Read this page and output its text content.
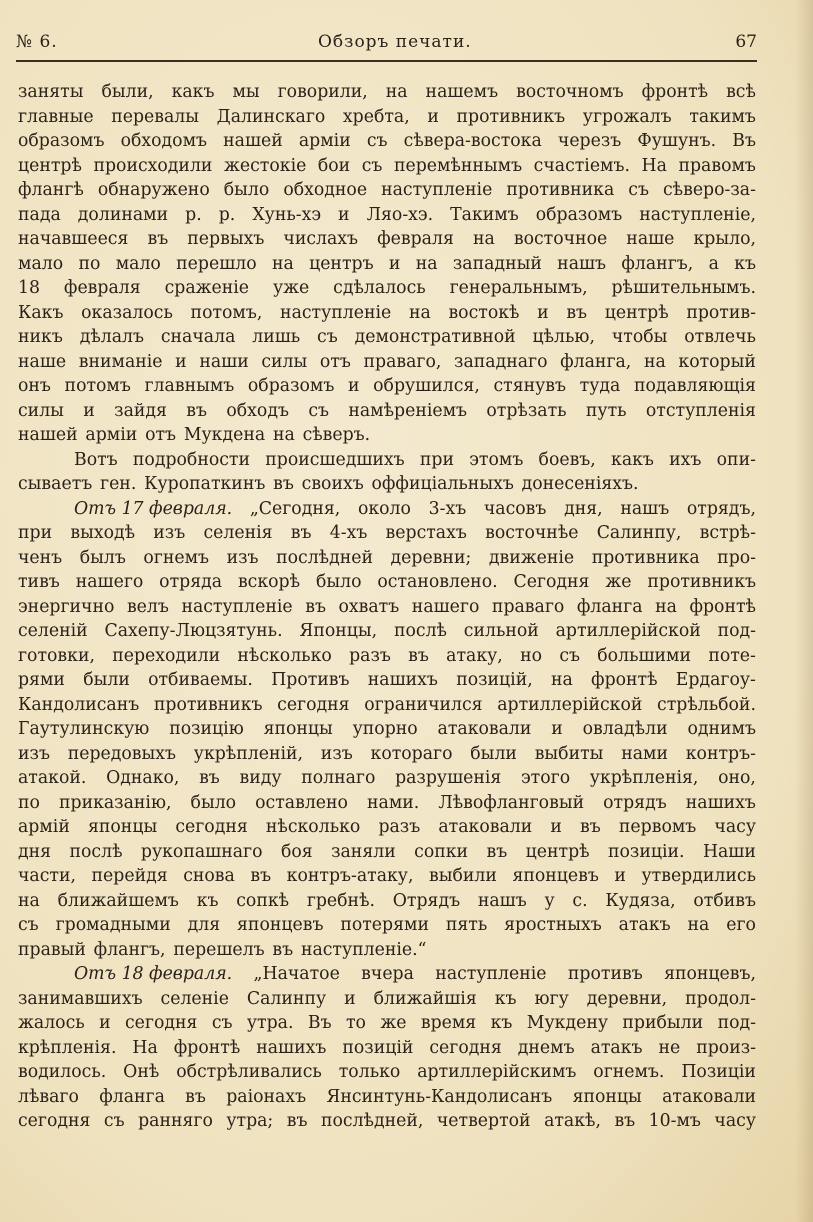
№ 6.	Обзоръ печати.	67
заняты были, какъ мы говорили, на нашемъ восточномъ фронтѣ всѣ
главные перевалы Далинскаго хребта, и противникъ угрожалъ такимъ
образомъ обходомъ нашей арміи съ сѣвера-востока черезъ Фушунъ. Въ
центрѣ происходили жестокіе бои съ перемѣннымъ счастіемъ. На правомъ
флангѣ обнаружено было обходное наступленіе противника съ сѣверо-за-
пада долинами р. р. Хунь-хэ и Ляо-хэ. Такимъ образомъ наступленіе,
начавшееся въ первыхъ числахъ февраля на восточное наше крыло,
мало по мало перешло на центръ и на западный нашъ флангъ, а къ
18 февраля сраженіе уже сдѣлалось генеральнымъ, рѣшительнымъ.
Какъ оказалось потомъ, наступленіе на востокѣ и въ центрѣ против-
никъ дѣлалъ сначала лишь съ демонстративной цѣлью, чтобы отвлечь
наше вниманіе и наши силы отъ праваго, западнаго фланга, на который
онъ потомъ главнымъ образомъ и обрушился, стянувъ туда подавляющія
силы и зайдя въ обходъ съ намѣреніемъ отрѣзать путь отступленія
нашей арміи отъ Мукдена на сѣверъ.
Вотъ подробности происшедшихъ при этомъ боевъ, какъ ихъ опи-
сываетъ ген. Куропаткинъ въ своихъ оффиціальныхъ донесеніяхъ.
Отъ 17 февраля. „Сегодня, около 3-хъ часовъ дня, нашъ отрядъ,
при выходѣ изъ селенія въ 4-хъ верстахъ восточнѣе Салинпу, встрѣ-
ченъ былъ огнемъ изъ послѣдней деревни; движеніе противника про-
тивъ нашего отряда вскорѣ было остановлено. Сегодня же противникъ
энергично велъ наступленіе въ охватъ нашего праваго фланга на фронтѣ
селеній Сахепу-Люцзятунь. Японцы, послѣ сильной артиллерійской под-
готовки, переходили нѣсколько разъ въ атаку, но съ большими поте-
рями были отбиваемы. Противъ нашихъ позицій, на фронтѣ Ердагоу-
Кандолисанъ противникъ сегодня ограничился артиллерійской стрѣльбой.
Гаутулинскую позицію японцы упорно атаковали и овладѣли однимъ
изъ передовыхъ укрѣпленій, изъ котораго были выбиты нами контръ-
атакой. Однако, въ виду полнаго разрушенія этого укрѣпленія, оно,
по приказанію, было оставлено нами. Лѣвофланговый отрядъ нашихъ
армій японцы сегодня нѣсколько разъ атаковали и въ первомъ часу
дня послѣ рукопашнаго боя заняли сопки въ центрѣ позиціи. Наши
части, перейдя снова въ контръ-атаку, выбили японцевъ и утвердились
на ближайшемъ къ сопкѣ гребнѣ. Отрядъ нашъ у с. Кудяза, отбивъ
съ громадными для японцевъ потерями пять яростныхъ атакъ на его
правый флангъ, перешелъ въ наступленіе.“
Отъ 18 февраля. „Начатое вчера наступленіе противъ японцевъ,
занимавшихъ селеніе Салинпу и ближайшія къ югу деревни, продол-
жалось и сегодня съ утра. Въ то же время къ Мукдену прибыли под-
крѣпленія. На фронтѣ нашихъ позицій сегодня днемъ атакъ не произ-
водилось. Онѣ обстрѣливались только артиллерійскимъ огнемъ. Позиціи
лѣваго фланга въ раіонахъ Янсинтунь-Кандолисанъ японцы атаковали
сегодня съ ранняго утра; въ послѣдней, четвертой атакѣ, въ 10-мъ часу
